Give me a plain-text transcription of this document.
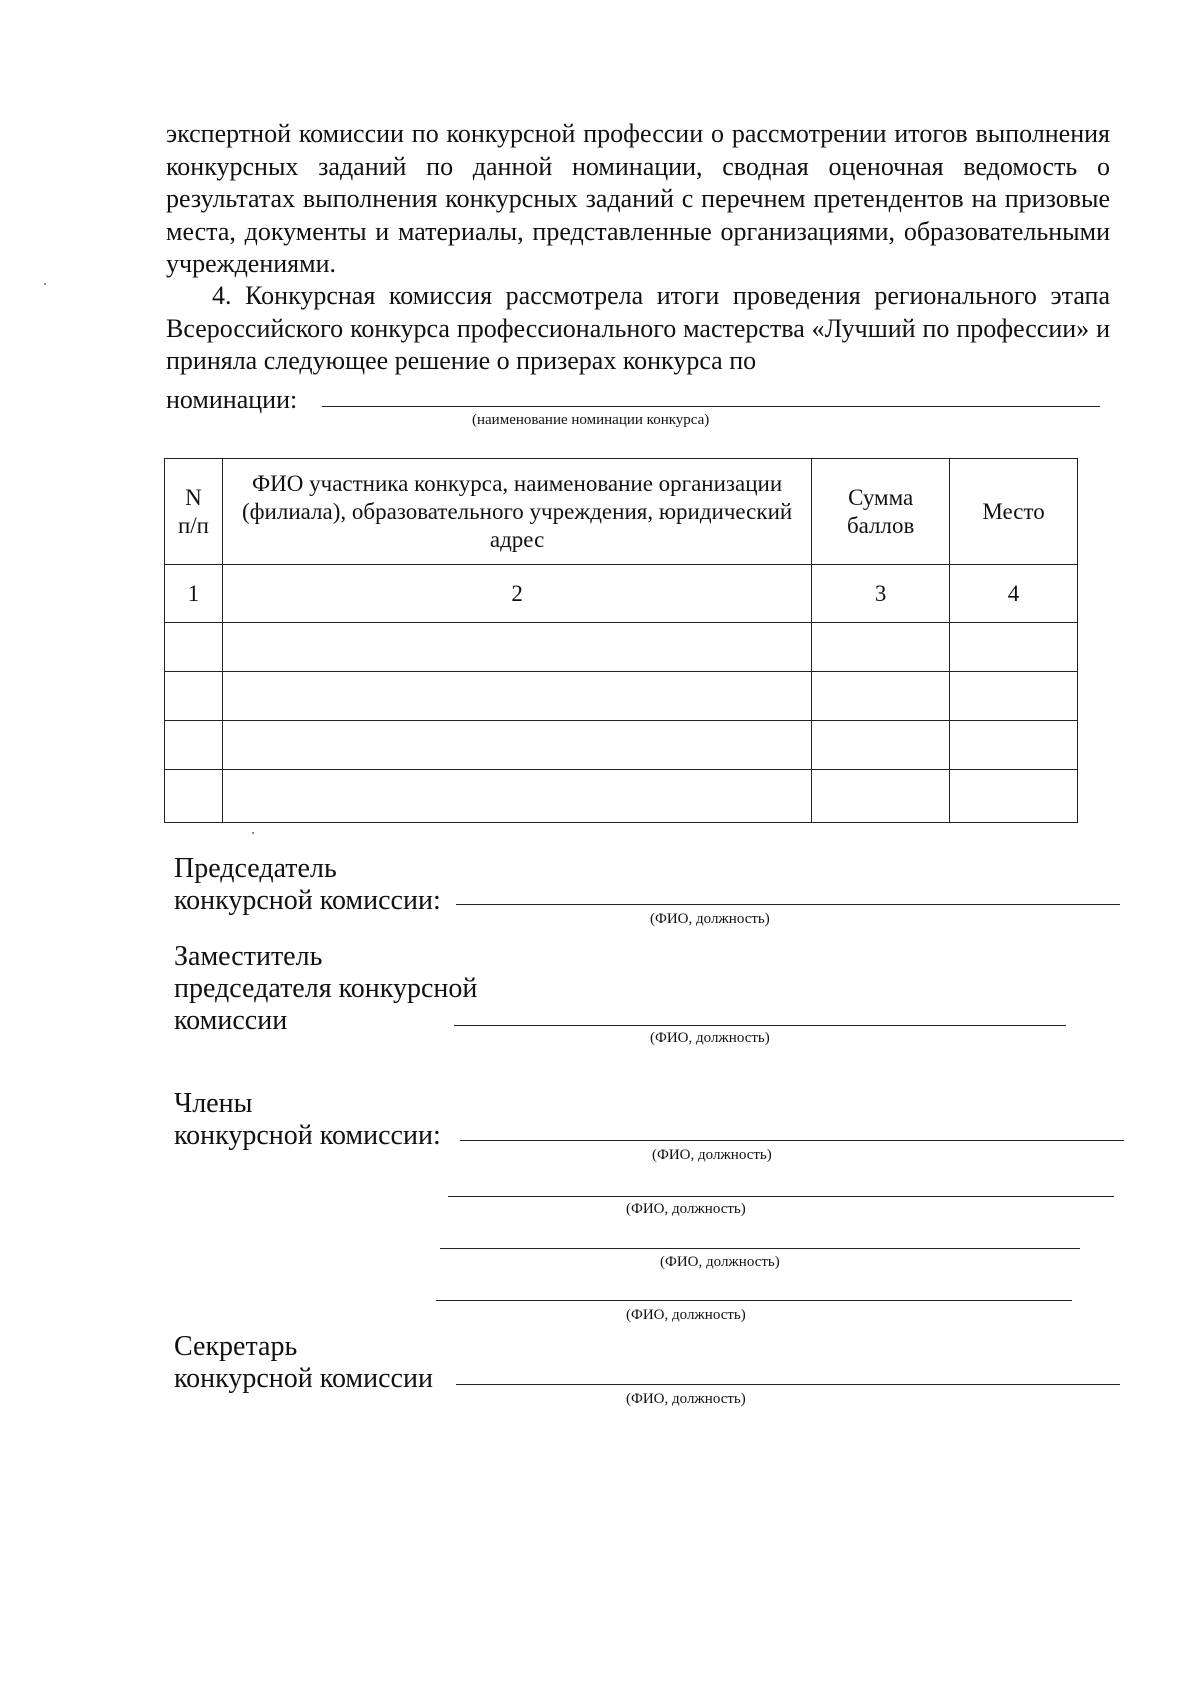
экспертной комиссии по конкурсной профессии о рассмотрении итогов выполнения конкурсных заданий по данной номинации, сводная оценочная ведомость о результатах выполнения конкурсных заданий с перечнем претендентов на призовые места, документы и материалы, представленные организациями, образовательными учреждениями.
4. Конкурсная комиссия рассмотрела итоги проведения регионального этапа Всероссийского конкурса профессионального мастерства «Лучший по профессии» и приняла следующее решение о призерах конкурса по
номинации:
(наименование номинации конкурса)
N п/п	ФИО участника конкурса, наименование организации (филиала), образовательного учреждения, юридический адрес	Сумма баллов	Место
1	2	3	4

Председатель
конкурсной комиссии:
(ФИО, должность)
Заместитель
председателя конкурсной
комиссии
(ФИО, должность)
Члены
конкурсной комиссии:
(ФИО, должность)
(ФИО, должность)
(ФИО, должность)
(ФИО, должность)
Секретарь
конкурсной комиссии
(ФИО, должность)
